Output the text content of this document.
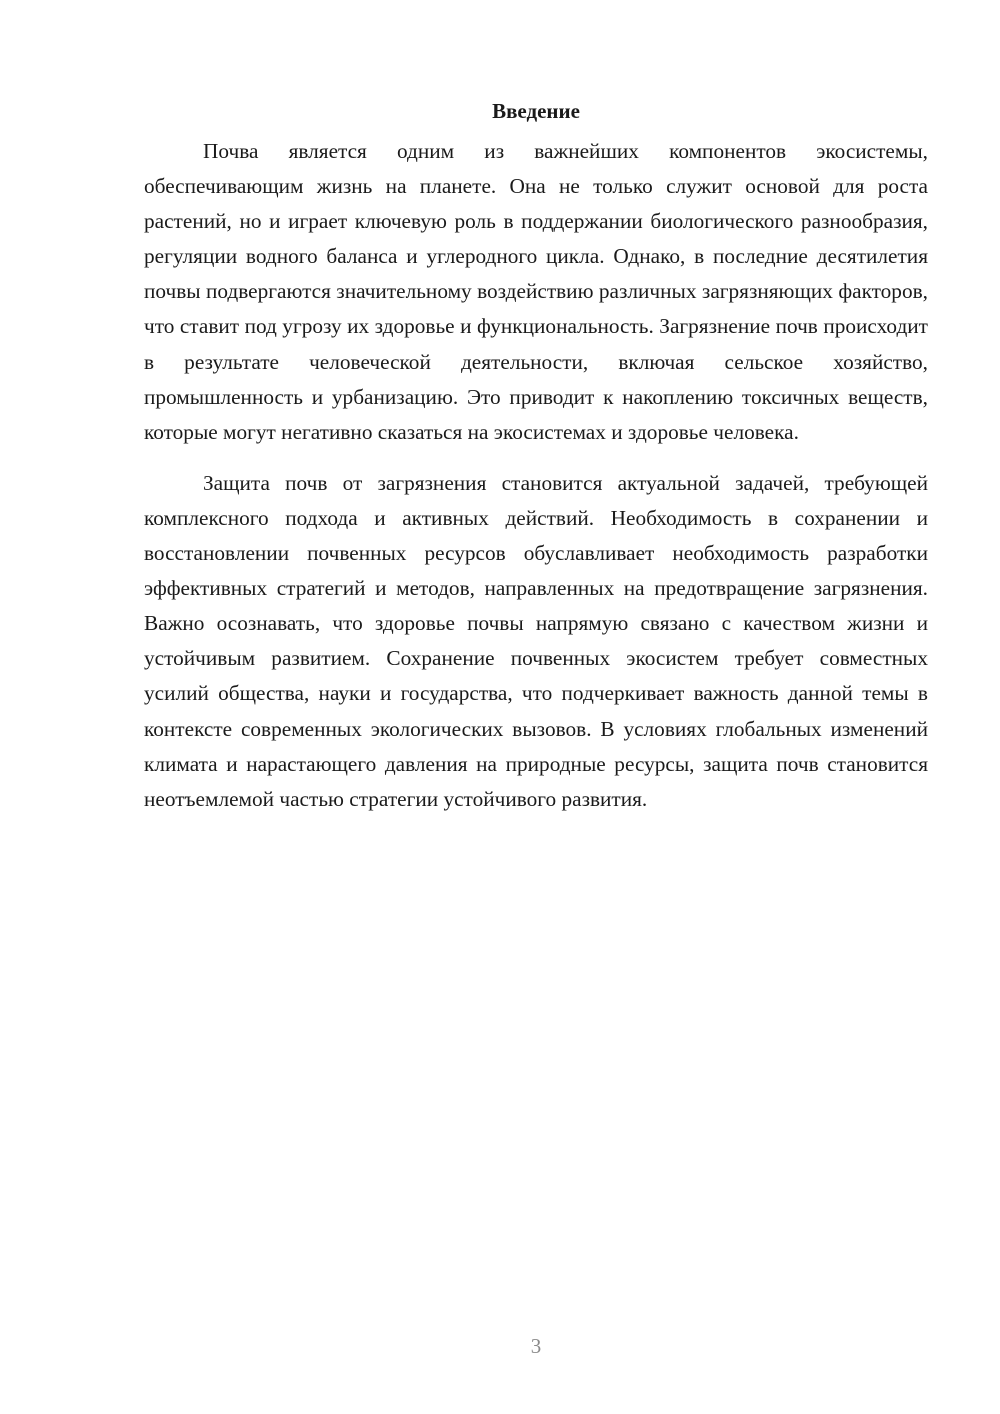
Введение

Почва является одним из важнейших компонентов экосистемы, обеспечивающим жизнь на планете. Она не только служит основой для роста растений, но и играет ключевую роль в поддержании биологического разнообразия, регуляции водного баланса и углеродного цикла. Однако, в последние десятилетия почвы подвергаются значительному воздействию различных загрязняющих факторов, что ставит под угрозу их здоровье и функциональность. Загрязнение почв происходит в результате человеческой деятельности, включая сельское хозяйство, промышленность и урбанизацию. Это приводит к накоплению токсичных веществ, которые могут негативно сказаться на экосистемах и здоровье человека.

Защита почв от загрязнения становится актуальной задачей, требующей комплексного подхода и активных действий. Необходимость в сохранении и восстановлении почвенных ресурсов обуславливает необходимость разработки эффективных стратегий и методов, направленных на предотвращение загрязнения. Важно осознавать, что здоровье почвы напрямую связано с качеством жизни и устойчивым развитием. Сохранение почвенных экосистем требует совместных усилий общества, науки и государства, что подчеркивает важность данной темы в контексте современных экологических вызовов. В условиях глобальных изменений климата и нарастающего давления на природные ресурсы, защита почв становится неотъемлемой частью стратегии устойчивого развития.

3
